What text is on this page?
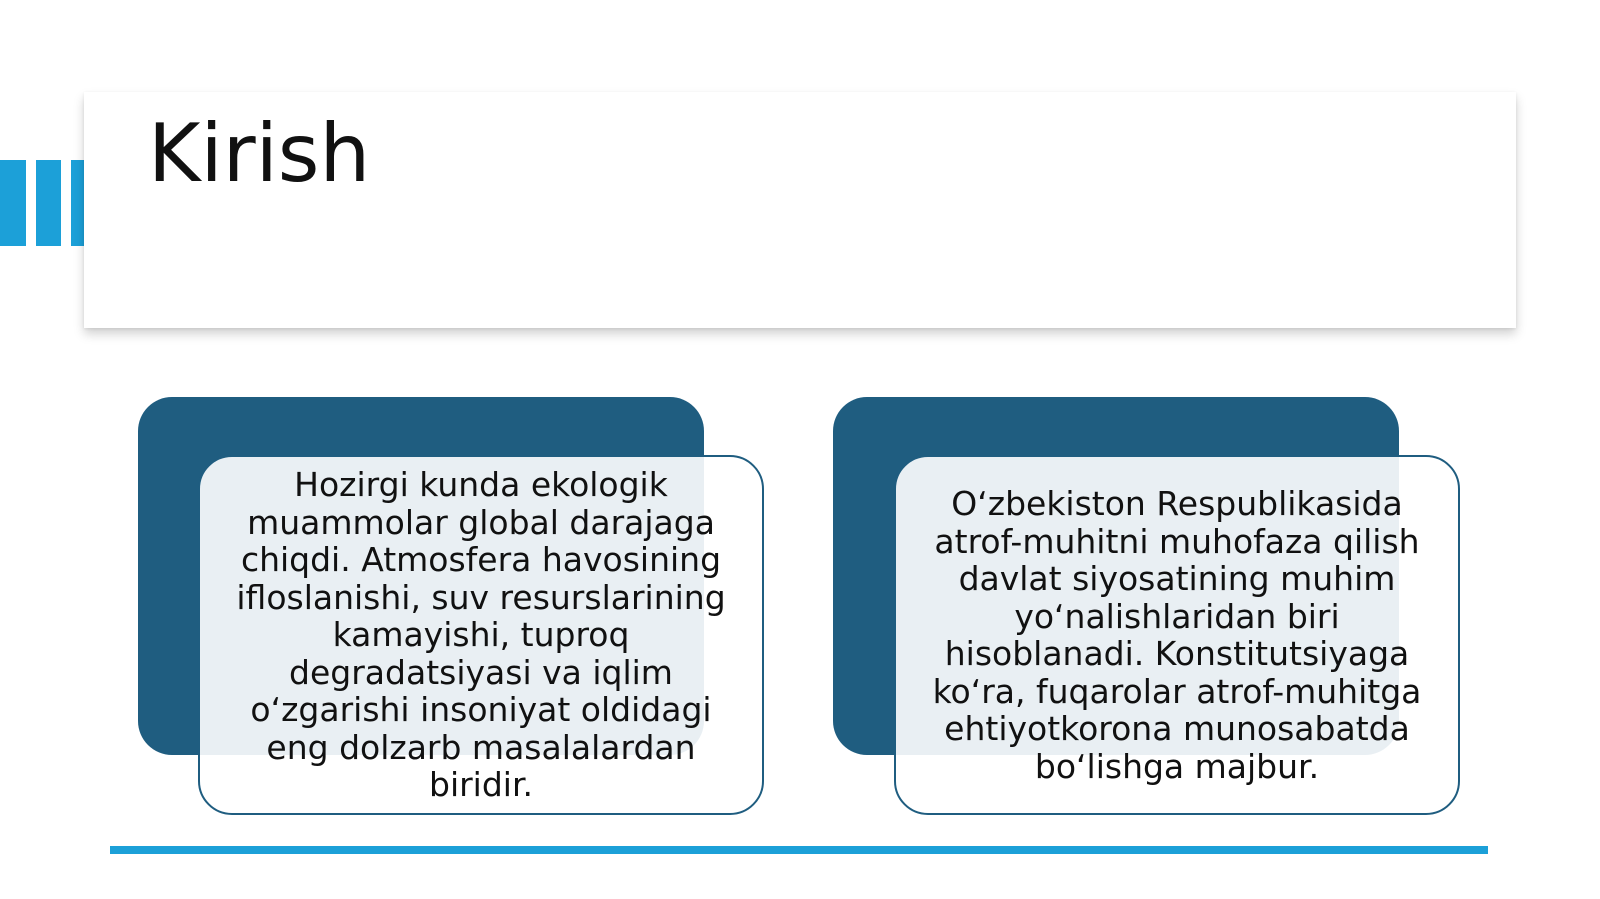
Kirish

Hozirgi kunda ekologik muammolar global darajaga chiqdi. Atmosfera havosining ifloslanishi, suv resurslarining kamayishi, tuproq degradatsiyasi va iqlim o‘zgarishi insoniyat oldidagi eng dolzarb masalalardan biridir.

O‘zbekiston Respublikasida atrof-muhitni muhofaza qilish davlat siyosatining muhim yo‘nalishlaridan biri hisoblanadi. Konstitutsiyaga ko‘ra, fuqarolar atrof-muhitga ehtiyotkorona munosabatda bo‘lishga majbur.
